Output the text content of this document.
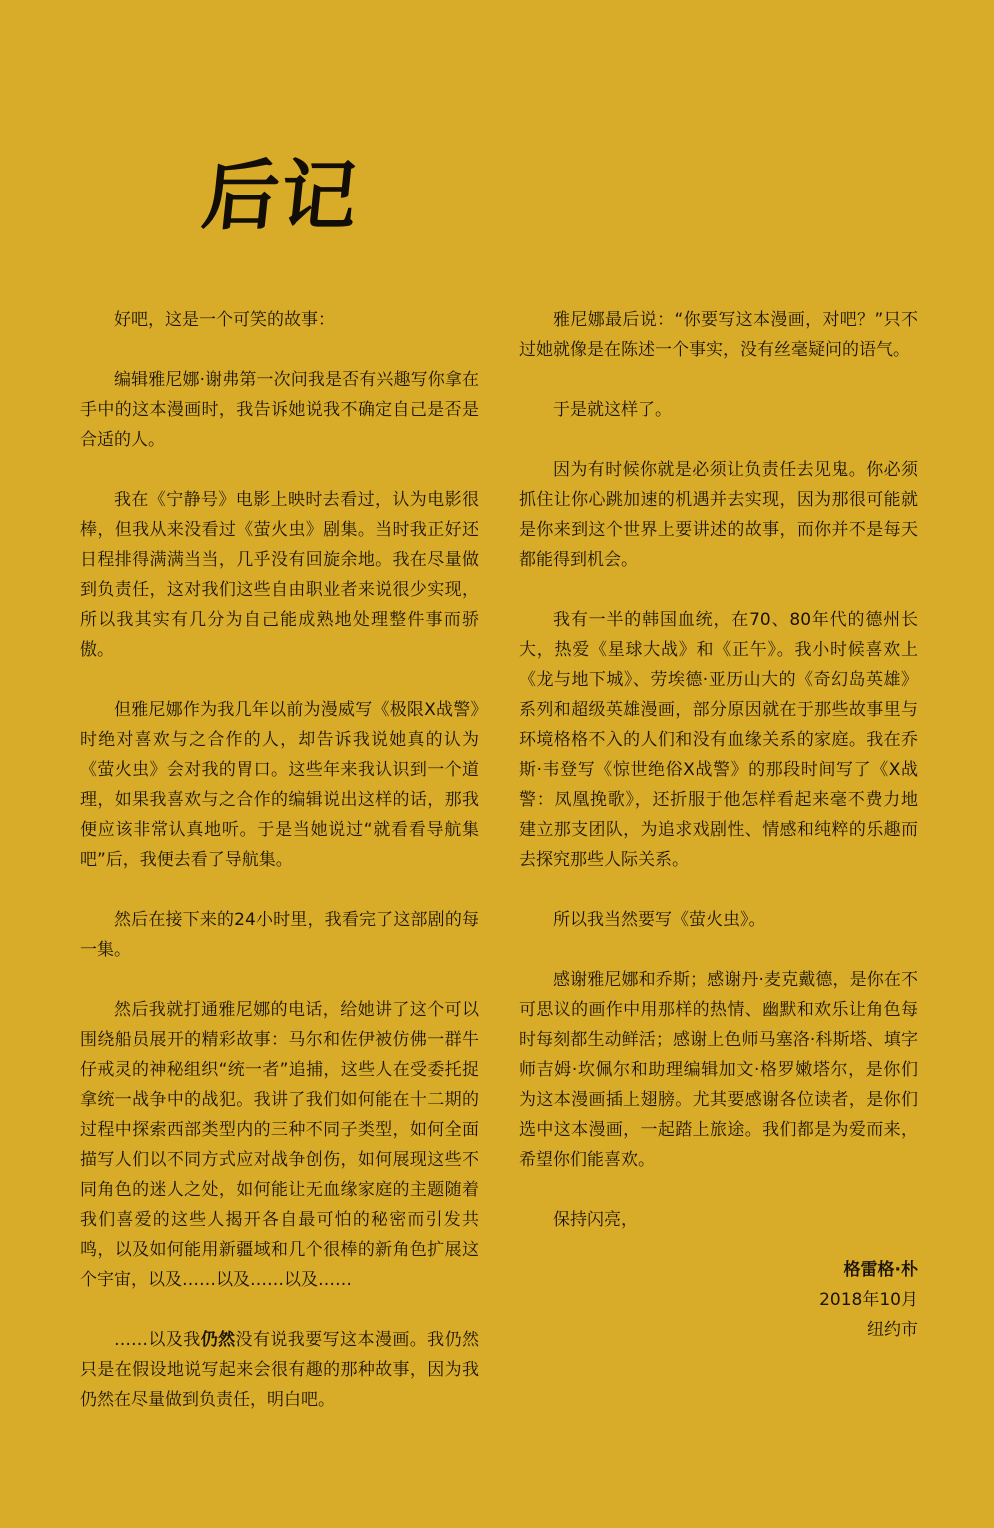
后记

好吧，这是一个可笑的故事：

编辑雅尼娜·谢弗第一次问我是否有兴趣写你拿在手中的这本漫画时，我告诉她说我不确定自己是否是合适的人。

我在《宁静号》电影上映时去看过，认为电影很棒，但我从来没看过《萤火虫》剧集。当时我正好还日程排得满满当当，几乎没有回旋余地。我在尽量做到负责任，这对我们这些自由职业者来说很少实现，所以我其实有几分为自己能成熟地处理整件事而骄傲。

但雅尼娜作为我几年以前为漫威写《极限X战警》时绝对喜欢与之合作的人，却告诉我说她真的认为《萤火虫》会对我的胃口。这些年来我认识到一个道理，如果我喜欢与之合作的编辑说出这样的话，那我便应该非常认真地听。于是当她说过“就看看导航集吧”后，我便去看了导航集。

然后在接下来的24小时里，我看完了这部剧的每一集。

然后我就打通雅尼娜的电话，给她讲了这个可以围绕船员展开的精彩故事：马尔和佐伊被仿佛一群牛仔戒灵的神秘组织“统一者”追捕，这些人在受委托捉拿统一战争中的战犯。我讲了我们如何能在十二期的过程中探索西部类型内的三种不同子类型，如何全面描写人们以不同方式应对战争创伤，如何展现这些不同角色的迷人之处，如何能让无血缘家庭的主题随着我们喜爱的这些人揭开各自最可怕的秘密而引发共鸣，以及如何能用新疆域和几个很棒的新角色扩展这个宇宙，以及……以及……以及……

……以及我仍然没有说我要写这本漫画。我仍然只是在假设地说写起来会很有趣的那种故事，因为我仍然在尽量做到负责任，明白吧。

雅尼娜最后说：“你要写这本漫画，对吧？”只不过她就像是在陈述一个事实，没有丝毫疑问的语气。

于是就这样了。

因为有时候你就是必须让负责任去见鬼。你必须抓住让你心跳加速的机遇并去实现，因为那很可能就是你来到这个世界上要讲述的故事，而你并不是每天都能得到机会。

我有一半的韩国血统，在70、80年代的德州长大，热爱《星球大战》和《正午》。我小时候喜欢上《龙与地下城》、劳埃德·亚历山大的《奇幻岛英雄》系列和超级英雄漫画，部分原因就在于那些故事里与环境格格不入的人们和没有血缘关系的家庭。我在乔斯·韦登写《惊世绝俗X战警》的那段时间写了《X战警：凤凰挽歌》，还折服于他怎样看起来毫不费力地建立那支团队，为追求戏剧性、情感和纯粹的乐趣而去探究那些人际关系。

所以我当然要写《萤火虫》。

感谢雅尼娜和乔斯；感谢丹·麦克戴德，是你在不可思议的画作中用那样的热情、幽默和欢乐让角色每时每刻都生动鲜活；感谢上色师马塞洛·科斯塔、填字师吉姆·坎佩尔和助理编辑加文·格罗嫩塔尔，是你们为这本漫画插上翅膀。尤其要感谢各位读者，是你们选中这本漫画，一起踏上旅途。我们都是为爱而来，希望你们能喜欢。

保持闪亮，

格雷格·朴
2018年10月
纽约市
